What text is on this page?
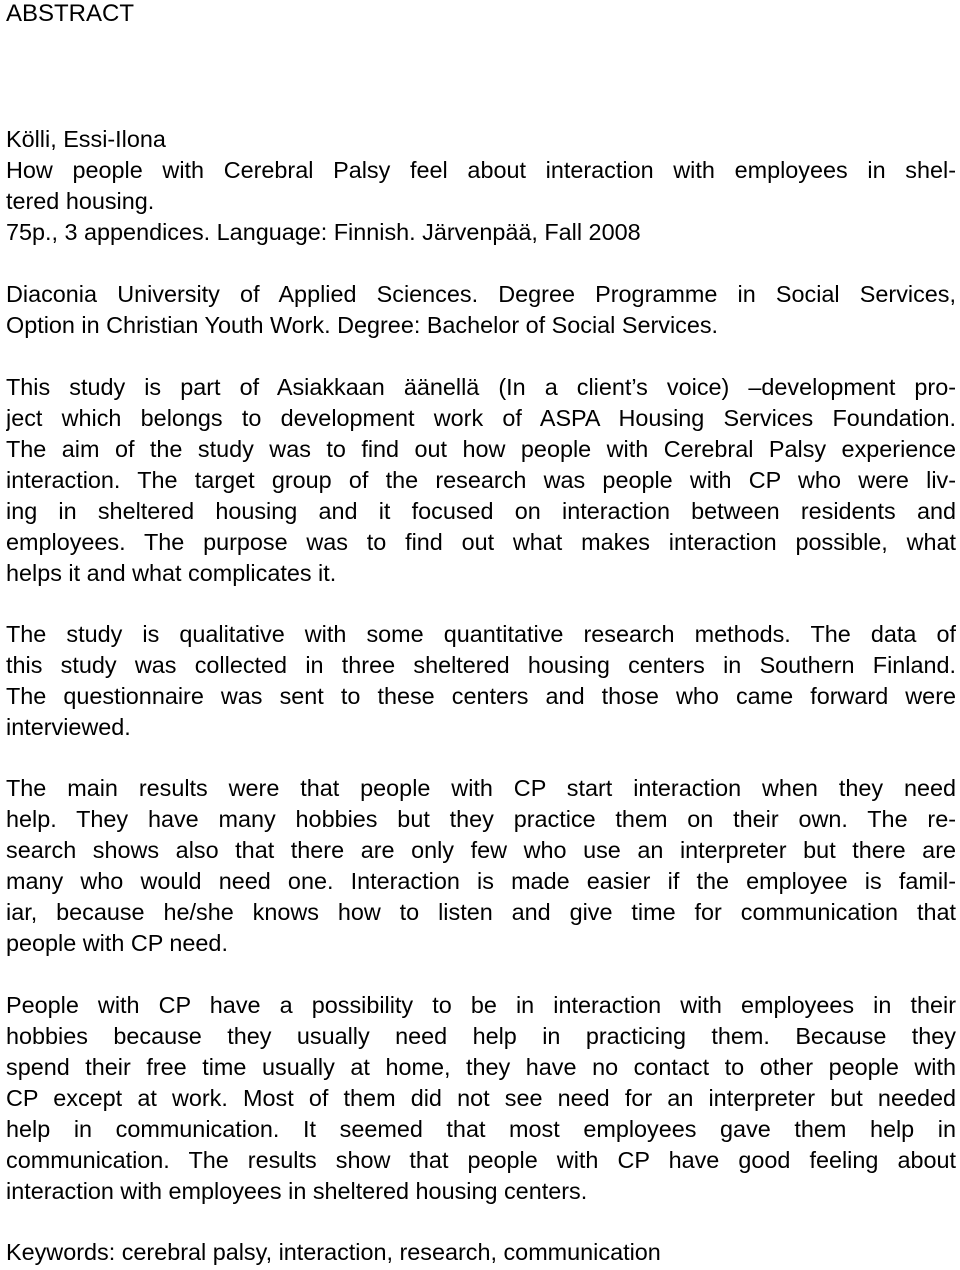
ABSTRACT
Kölli, Essi-Ilona
How people with Cerebral Palsy feel about interaction with employees in shel-
tered housing.
75p., 3 appendices. Language: Finnish. Järvenpää, Fall 2008
Diaconia University of Applied Sciences. Degree Programme in Social Services,
Option in Christian Youth Work. Degree: Bachelor of Social Services.
This study is part of Asiakkaan äänellä (In a client’s voice) –development pro-
ject which belongs to development work of ASPA Housing Services Foundation.
The aim of the study was to find out how people with Cerebral Palsy experience
interaction. The target group of the research was people with CP who were liv-
ing in sheltered housing and it focused on interaction between residents and
employees. The purpose was to find out what makes interaction possible, what
helps it and what complicates it.
The study is qualitative with some quantitative research methods. The data of
this study was collected in three sheltered housing centers in Southern Finland.
The questionnaire was sent to these centers and those who came forward were
interviewed.
The main results were that people with CP start interaction when they need
help. They have many hobbies but they practice them on their own. The re-
search shows also that there are only few who use an interpreter but there are
many who would need one. Interaction is made easier if the employee is famil-
iar, because he/she knows how to listen and give time for communication that
people with CP need.
People with CP have a possibility to be in interaction with employees in their
hobbies because they usually need help in practicing them. Because they
spend their free time usually at home, they have no contact to other people with
CP except at work. Most of them did not see need for an interpreter but needed
help in communication. It seemed that most employees gave them help in
communication. The results show that people with CP have good feeling about
interaction with employees in sheltered housing centers.
Keywords: cerebral palsy, interaction, research, communication
